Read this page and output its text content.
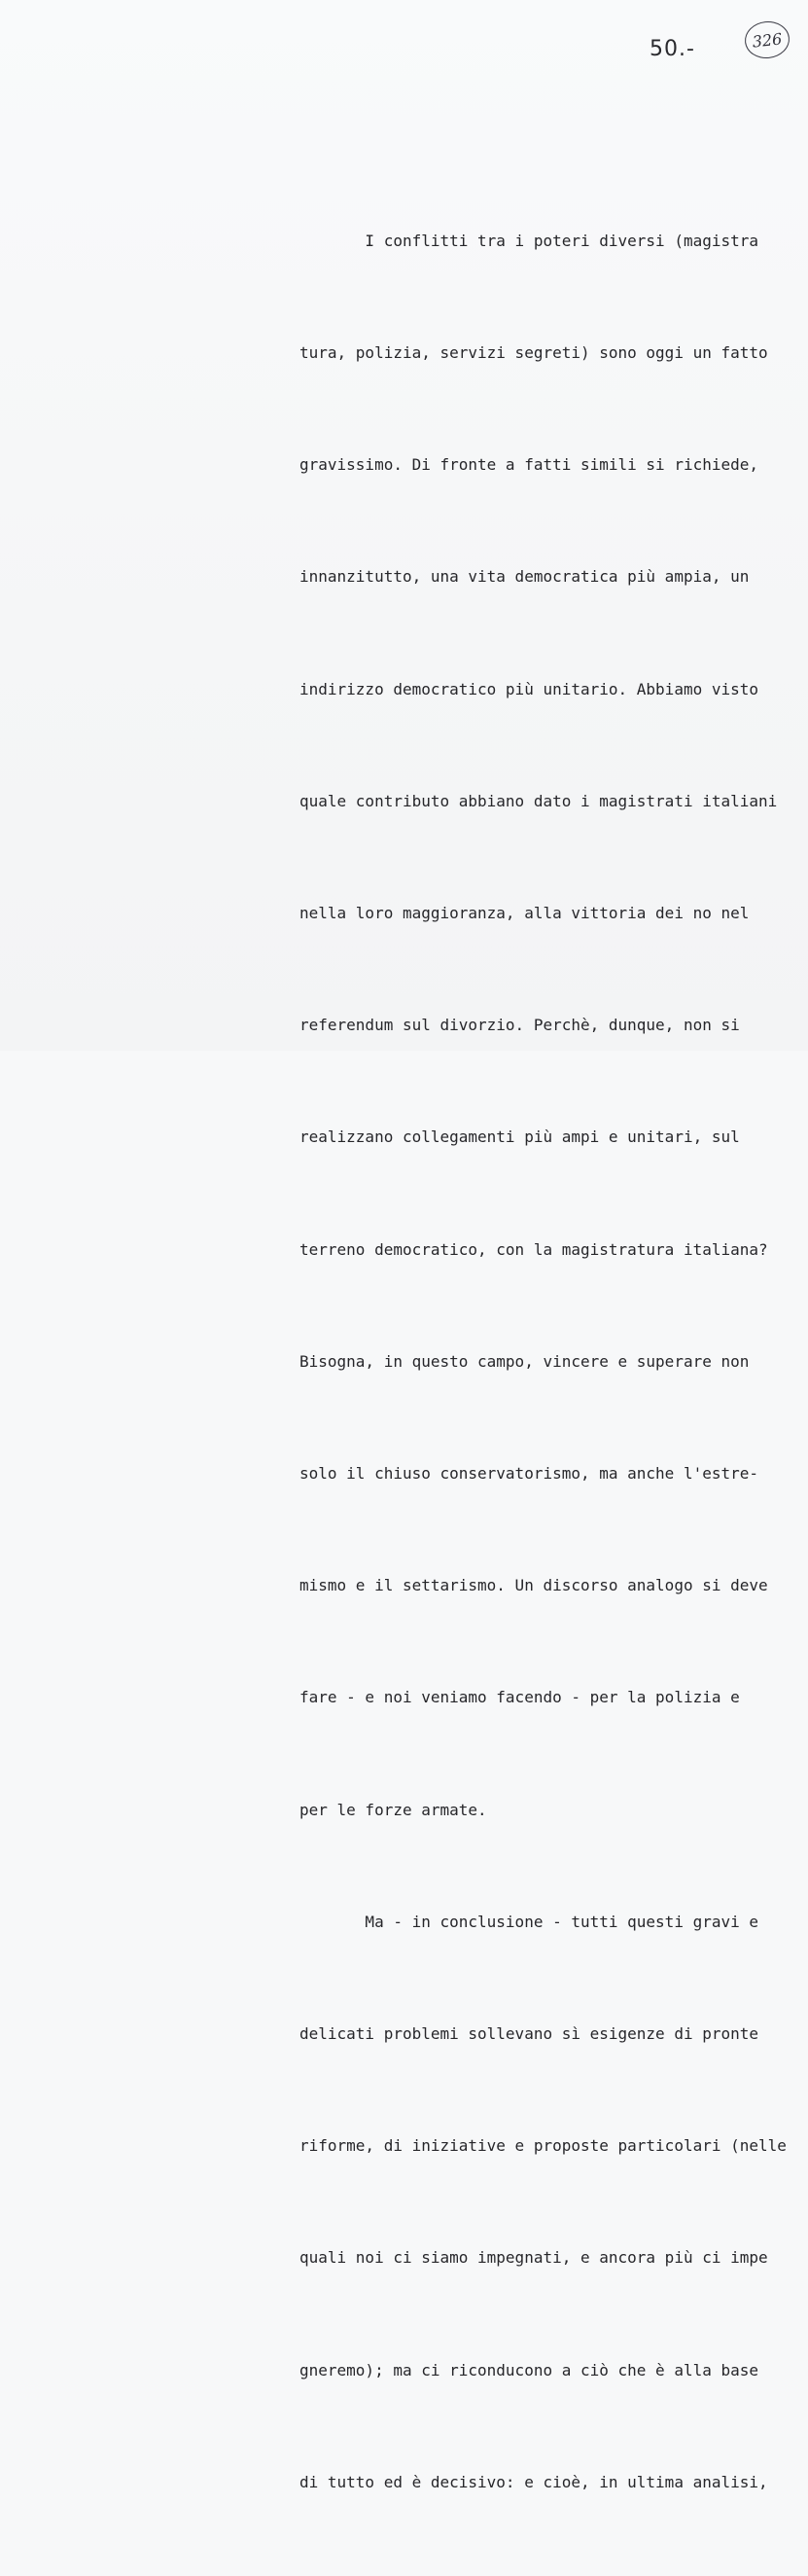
50.-	326

I conflitti tra i poteri diversi (magistra

tura, polizia, servizi segreti) sono oggi un fatto

gravissimo. Di fronte a fatti simili si richiede,

innanzitutto, una vita democratica più ampia, un

indirizzo democratico più unitario. Abbiamo visto

quale contributo abbiano dato i magistrati italiani

nella loro maggioranza, alla vittoria dei no nel

referendum sul divorzio. Perchè, dunque, non si

realizzano collegamenti più ampi e unitari, sul

terreno democratico, con la magistratura italiana?

Bisogna, in questo campo, vincere e superare non

solo il chiuso conservatorismo, ma anche l'estre-

mismo e il settarismo. Un discorso analogo si deve

fare - e noi veniamo facendo - per la polizia e

per le forze armate.

Ma - in conclusione - tutti questi gravi e

delicati problemi sollevano sì esigenze di pronte

riforme, di iniziative e proposte particolari (nelle

quali noi ci siamo impegnati, e ancora più ci impe

gneremo); ma ci riconducono a ciò che è alla base

di tutto ed è decisivo: e cioè, in ultima analisi,
